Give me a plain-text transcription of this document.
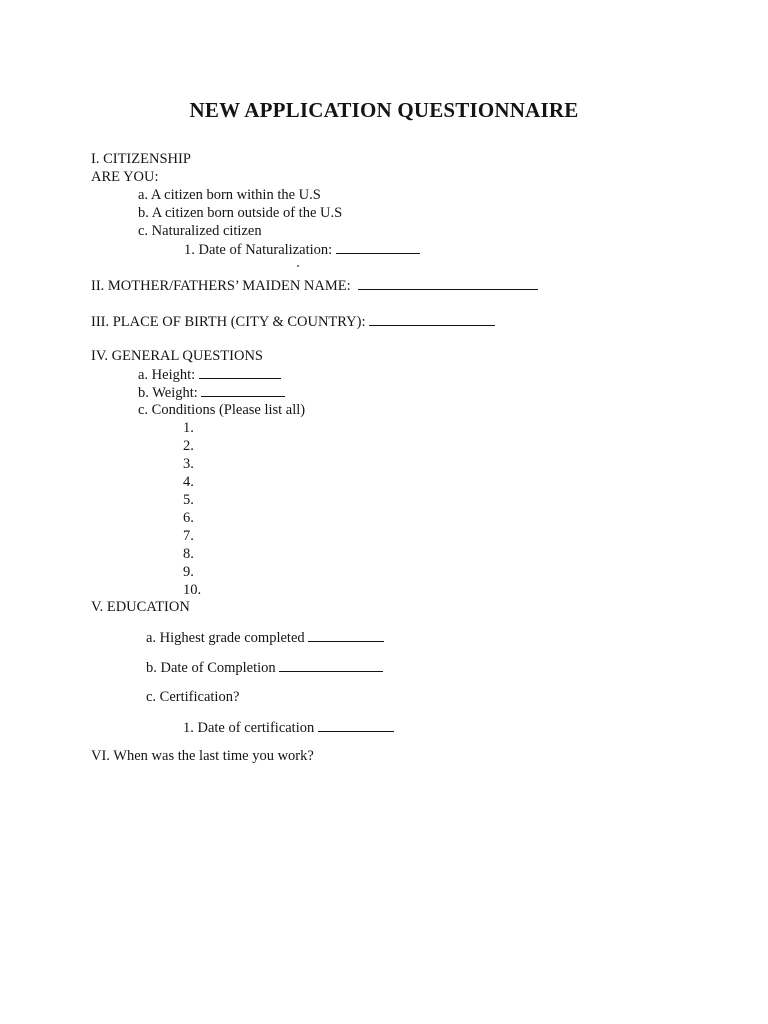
NEW APPLICATION QUESTIONNAIRE
I. CITIZENSHIP
ARE YOU:
a. A citizen born within the U.S
b. A citizen born outside of the U.S
c. Naturalized citizen
1. Date of Naturalization:
II. MOTHER/FATHERS’ MAIDEN NAME:
III. PLACE OF BIRTH (CITY & COUNTRY):
IV. GENERAL QUESTIONS
a. Height:
b. Weight:
c. Conditions (Please list all)
1.
2.
3.
4.
5.
6.
7.
8.
9.
10.
V. EDUCATION
a. Highest grade completed
b. Date of Completion
c. Certification?
1. Date of certification
VI. When was the last time you work?
